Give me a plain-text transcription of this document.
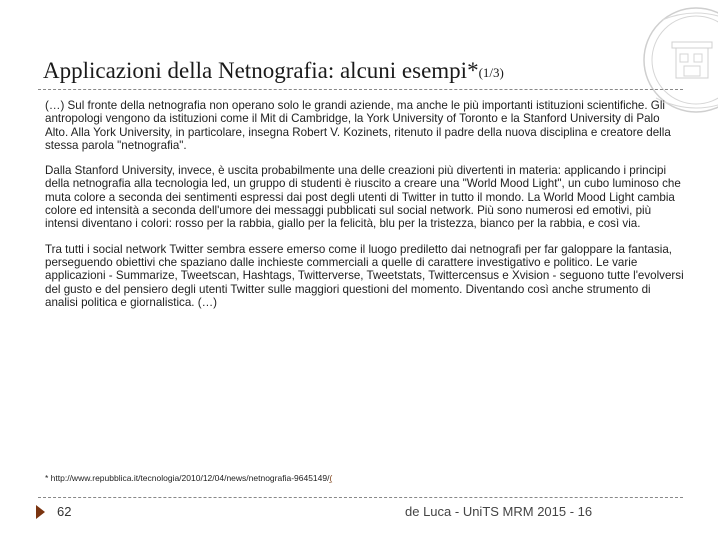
Applicazioni della Netnografia: alcuni esempi*(1/3)

(…) Sul fronte della netnografia non operano solo le grandi aziende, ma anche le più importanti istituzioni scientifiche. Gli antropologi vengono da istituzioni come il Mit di Cambridge, la York University of Toronto e la Stanford University di Palo Alto. Alla York University, in particolare, insegna Robert V. Kozinets, ritenuto il padre della nuova disciplina e creatore della stessa parola "netnografia".

Dalla Stanford University, invece, è uscita probabilmente una delle creazioni più divertenti in materia: applicando i principi della netnografia alla tecnologia led, un gruppo di studenti è riuscito a creare una "World Mood Light", un cubo luminoso che muta colore a seconda dei sentimenti espressi dai post degli utenti di Twitter in tutto il mondo. La World Mood Light cambia colore ed intensità a seconda dell'umore dei messaggi pubblicati sul social network. Più sono numerosi ed emotivi, più intensi diventano i colori: rosso per la rabbia, giallo per la felicità, blu per la tristezza, bianco per la rabbia, e così via.

Tra tutti i social network Twitter sembra essere emerso come il luogo prediletto dai netnografi per far galoppare la fantasia, perseguendo obiettivi che spaziano dalle inchieste commerciali a quelle di carattere investigativo e politico. Le varie applicazioni - Summarize, Tweetscan, Hashtags, Twitterverse, Tweetstats, Twittercensus e Xvision - seguono tutte l'evolversi del gusto e del pensiero degli utenti Twitter sulle maggiori questioni del momento. Diventando così anche strumento di analisi politica e giornalistica. (…)

* http://www.repubblica.it/tecnologia/2010/12/04/news/netnografia-9645149/(
62	de Luca - UniTS MRM 2015 - 16
